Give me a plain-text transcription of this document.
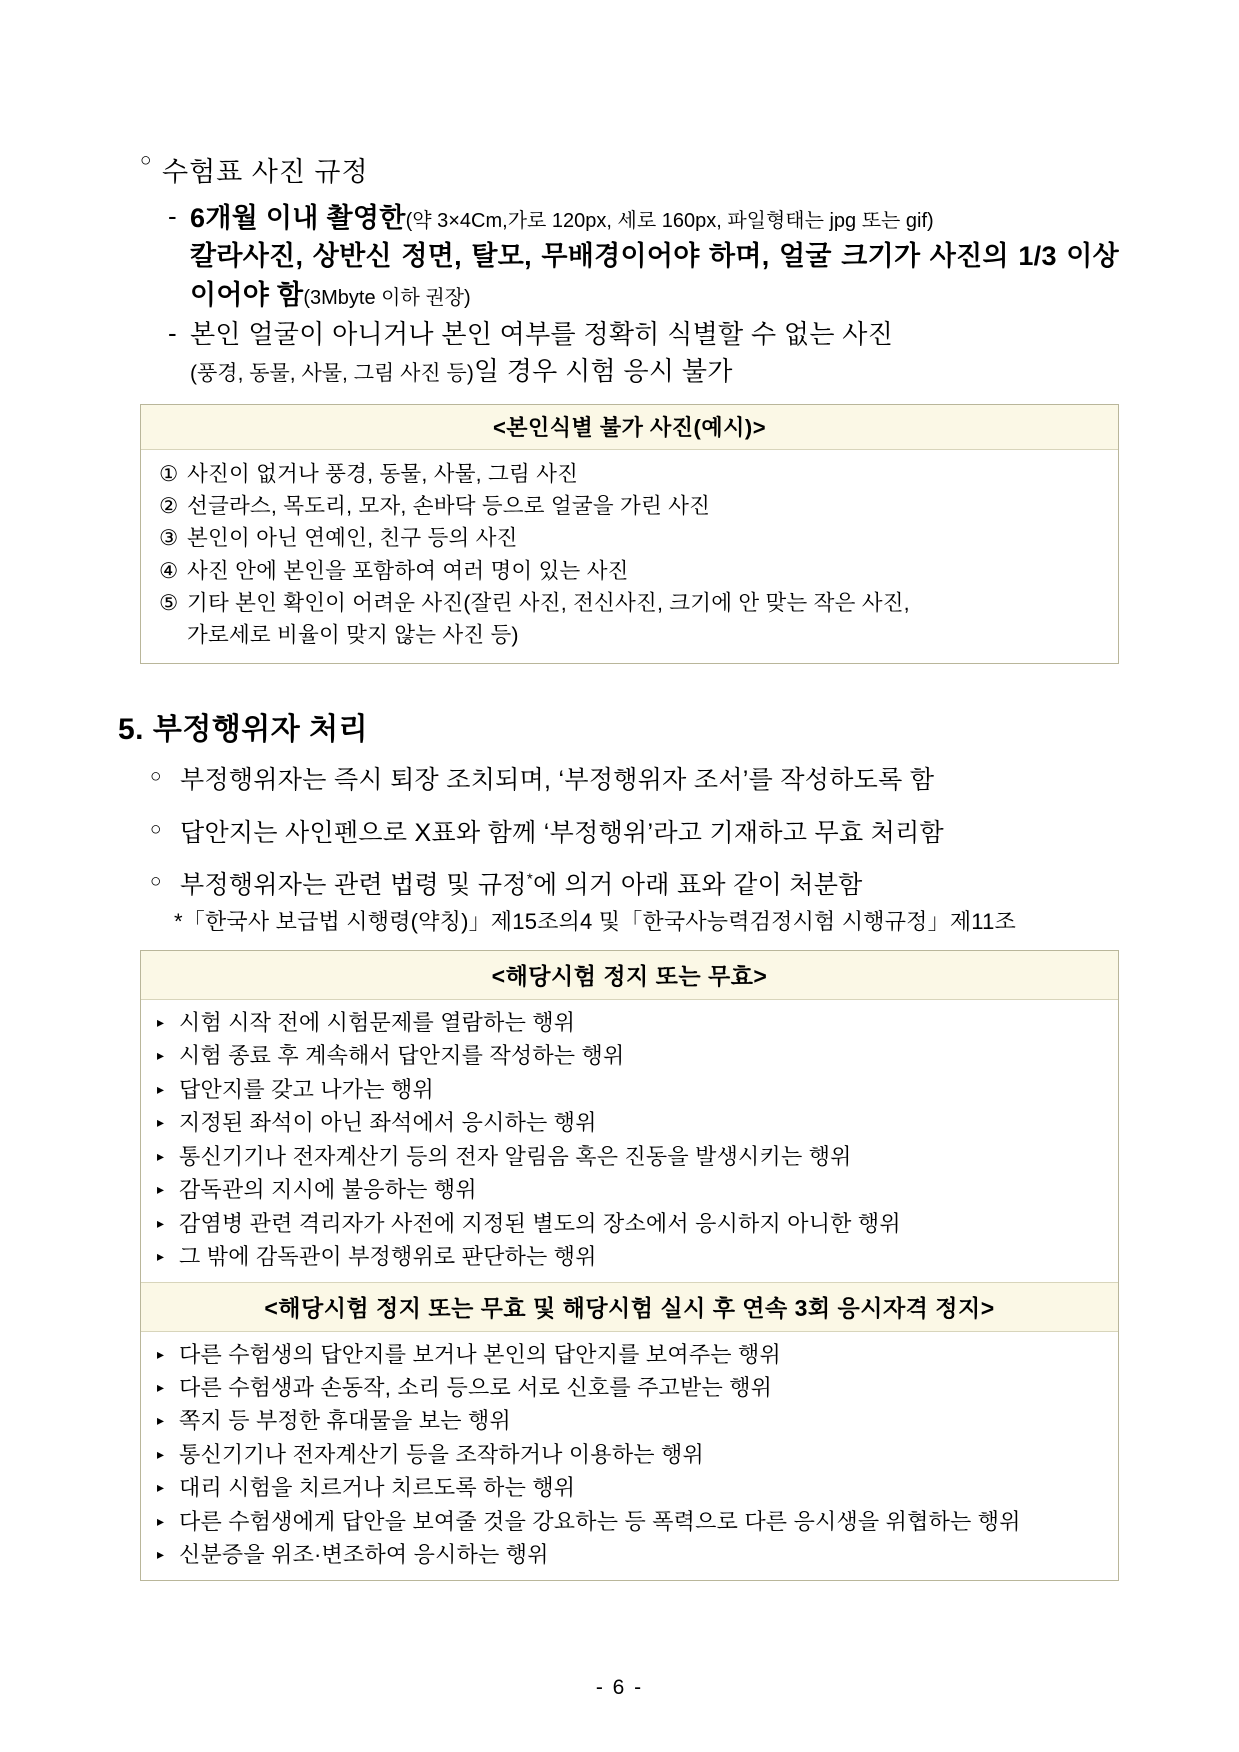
○ 수험표 사진 규정
- 6개월 이내 촬영한(약 3×4Cm,가로 120px, 세로 160px, 파일형태는 jpg 또는 gif)
칼라사진, 상반신 정면, 탈모, 무배경이어야 하며, 얼굴 크기가 사진의 1/3 이상이어야 함(3Mbyte 이하 권장)
- 본인 얼굴이 아니거나 본인 여부를 정확히 식별할 수 없는 사진
(풍경, 동물, 사물, 그림 사진 등)일 경우 시험 응시 불가
<본인식별 불가 사진(예시)>
① 사진이 없거나 풍경, 동물, 사물, 그림 사진
② 선글라스, 목도리, 모자, 손바닥 등으로 얼굴을 가린 사진
③ 본인이 아닌 연예인, 친구 등의 사진
④ 사진 안에 본인을 포함하여 여러 명이 있는 사진
⑤ 기타 본인 확인이 어려운 사진(잘린 사진, 전신사진, 크기에 안 맞는 작은 사진,
가로세로 비율이 맞지 않는 사진 등)
5. 부정행위자 처리
○ 부정행위자는 즉시 퇴장 조치되며, ‘부정행위자 조서’를 작성하도록 함
○ 답안지는 사인펜으로 X표와 함께 ‘부정행위’라고 기재하고 무효 처리함
○ 부정행위자는 관련 법령 및 규정*에 의거 아래 표와 같이 처분함
*「한국사 보급법 시행령(약칭)」제15조의4 및「한국사능력검정시험 시행규정」제11조
<해당시험 정지 또는 무효>
▸ 시험 시작 전에 시험문제를 열람하는 행위
▸ 시험 종료 후 계속해서 답안지를 작성하는 행위
▸ 답안지를 갖고 나가는 행위
▸ 지정된 좌석이 아닌 좌석에서 응시하는 행위
▸ 통신기기나 전자계산기 등의 전자 알림음 혹은 진동을 발생시키는 행위
▸ 감독관의 지시에 불응하는 행위
▸ 감염병 관련 격리자가 사전에 지정된 별도의 장소에서 응시하지 아니한 행위
▸ 그 밖에 감독관이 부정행위로 판단하는 행위
<해당시험 정지 또는 무효 및 해당시험 실시 후 연속 3회 응시자격 정지>
▸ 다른 수험생의 답안지를 보거나 본인의 답안지를 보여주는 행위
▸ 다른 수험생과 손동작, 소리 등으로 서로 신호를 주고받는 행위
▸ 쪽지 등 부정한 휴대물을 보는 행위
▸ 통신기기나 전자계산기 등을 조작하거나 이용하는 행위
▸ 대리 시험을 치르거나 치르도록 하는 행위
▸ 다른 수험생에게 답안을 보여줄 것을 강요하는 등 폭력으로 다른 응시생을 위협하는 행위
▸ 신분증을 위조·변조하여 응시하는 행위
- 6 -
